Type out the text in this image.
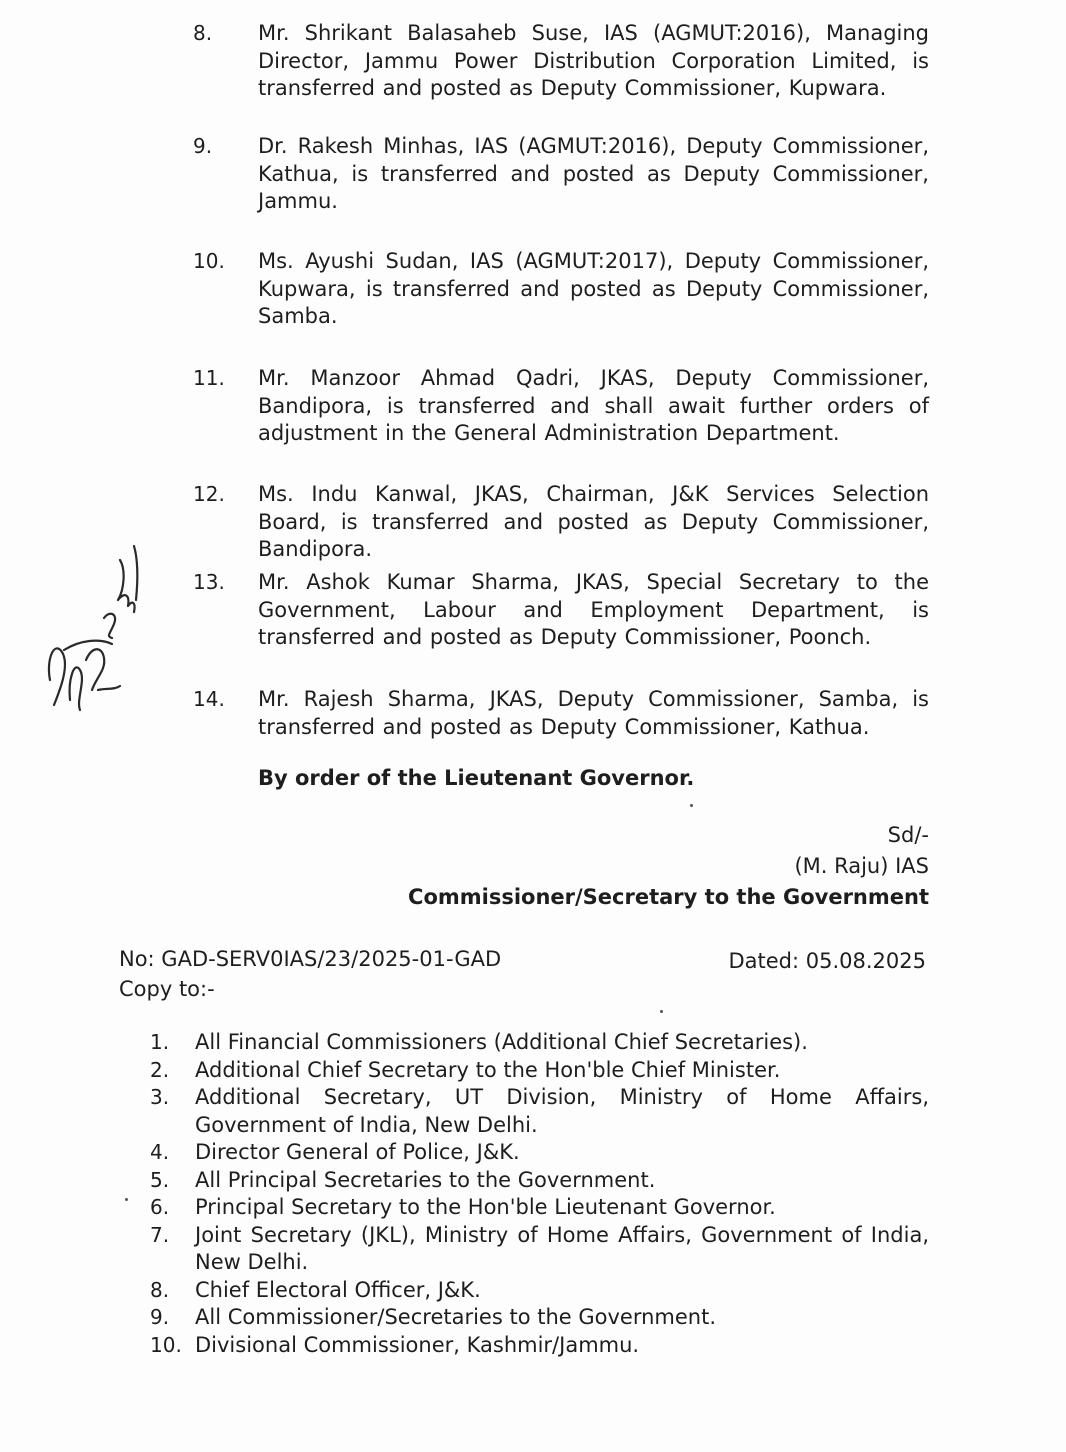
8.	Mr. Shrikant Balasaheb Suse, IAS (AGMUT:2016), Managing Director, Jammu Power Distribution Corporation Limited, is transferred and posted as Deputy Commissioner, Kupwara.
9.	Dr. Rakesh Minhas, IAS (AGMUT:2016), Deputy Commissioner, Kathua, is transferred and posted as Deputy Commissioner, Jammu.
10.	Ms. Ayushi Sudan, IAS (AGMUT:2017), Deputy Commissioner, Kupwara, is transferred and posted as Deputy Commissioner, Samba.
11.	Mr. Manzoor Ahmad Qadri, JKAS, Deputy Commissioner, Bandipora, is transferred and shall await further orders of adjustment in the General Administration Department.
12.	Ms. Indu Kanwal, JKAS, Chairman, J&K Services Selection Board, is transferred and posted as Deputy Commissioner, Bandipora.
13.	Mr. Ashok Kumar Sharma, JKAS, Special Secretary to the Government, Labour and Employment Department, is transferred and posted as Deputy Commissioner, Poonch.
14.	Mr. Rajesh Sharma, JKAS, Deputy Commissioner, Samba, is transferred and posted as Deputy Commissioner, Kathua.
By order of the Lieutenant Governor.
Sd/-
(M. Raju) IAS
Commissioner/Secretary to the Government
No: GAD-SERV0IAS/23/2025-01-GAD	Dated: 05.08.2025
Copy to:-
1.	All Financial Commissioners (Additional Chief Secretaries).
2.	Additional Chief Secretary to the Hon'ble Chief Minister.
3.	Additional Secretary, UT Division, Ministry of Home Affairs, Government of India, New Delhi.
4.	Director General of Police, J&K.
5.	All Principal Secretaries to the Government.
6.	Principal Secretary to the Hon'ble Lieutenant Governor.
7.	Joint Secretary (JKL), Ministry of Home Affairs, Government of India, New Delhi.
8.	Chief Electoral Officer, J&K.
9.	All Commissioner/Secretaries to the Government.
10. Divisional Commissioner, Kashmir/Jammu.
